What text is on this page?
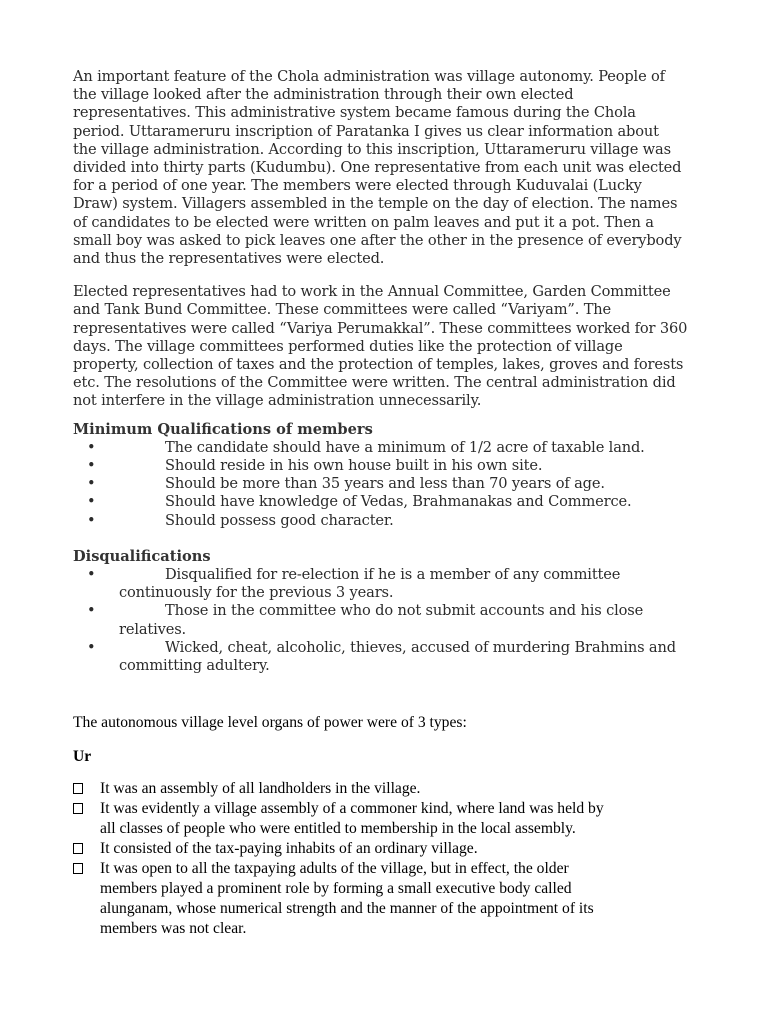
An important feature of the Chola administration was village autonomy. People of
the village looked after the administration through their own elected
representatives. This administrative system became famous during the Chola
period. Uttarameruru inscription of Paratanka I gives us clear information about
the village administration. According to this inscription, Uttarameruru village was
divided into thirty parts (Kudumbu). One representative from each unit was elected
for a period of one year. The members were elected through Kuduvalai (Lucky
Draw) system. Villagers assembled in the temple on the day of election. The names
of candidates to be elected were written on palm leaves and put it a pot. Then a
small boy was asked to pick leaves one after the other in the presence of everybody
and thus the representatives were elected.

Elected representatives had to work in the Annual Committee, Garden Committee
and Tank Bund Committee. These committees were called “Variyam”. The
representatives were called “Variya Perumakkal”. These committees worked for 360
days. The village committees performed duties like the protection of village
property, collection of taxes and the protection of temples, lakes, groves and forests
etc. The resolutions of the Committee were written. The central administration did
not interfere in the village administration unnecessarily.

Minimum Qualifications of members
•	The candidate should have a minimum of 1/2 acre of taxable land.
•	Should reside in his own house built in his own site.
•	Should be more than 35 years and less than 70 years of age.
•	Should have knowledge of Vedas, Brahmanakas and Commerce.
•	Should possess good character.
Disqualifications
•	Disqualified for re-election if he is a member of any committee
continuously for the previous 3 years.
•	Those in the committee who do not submit accounts and his close
relatives.
•	Wicked, cheat, alcoholic, thieves, accused of murdering Brahmins and
committing adultery.
The autonomous village level organs of power were of 3 types:
Ur
It was an assembly of all landholders in the village.
It was evidently a village assembly of a commoner kind, where land was held by
all classes of people who were entitled to membership in the local assembly.
It consisted of the tax-paying inhabits of an ordinary village.
It was open to all the taxpaying adults of the village, but in effect, the older
members played a prominent role by forming a small executive body called
alunganam, whose numerical strength and the manner of the appointment of its
members was not clear.
